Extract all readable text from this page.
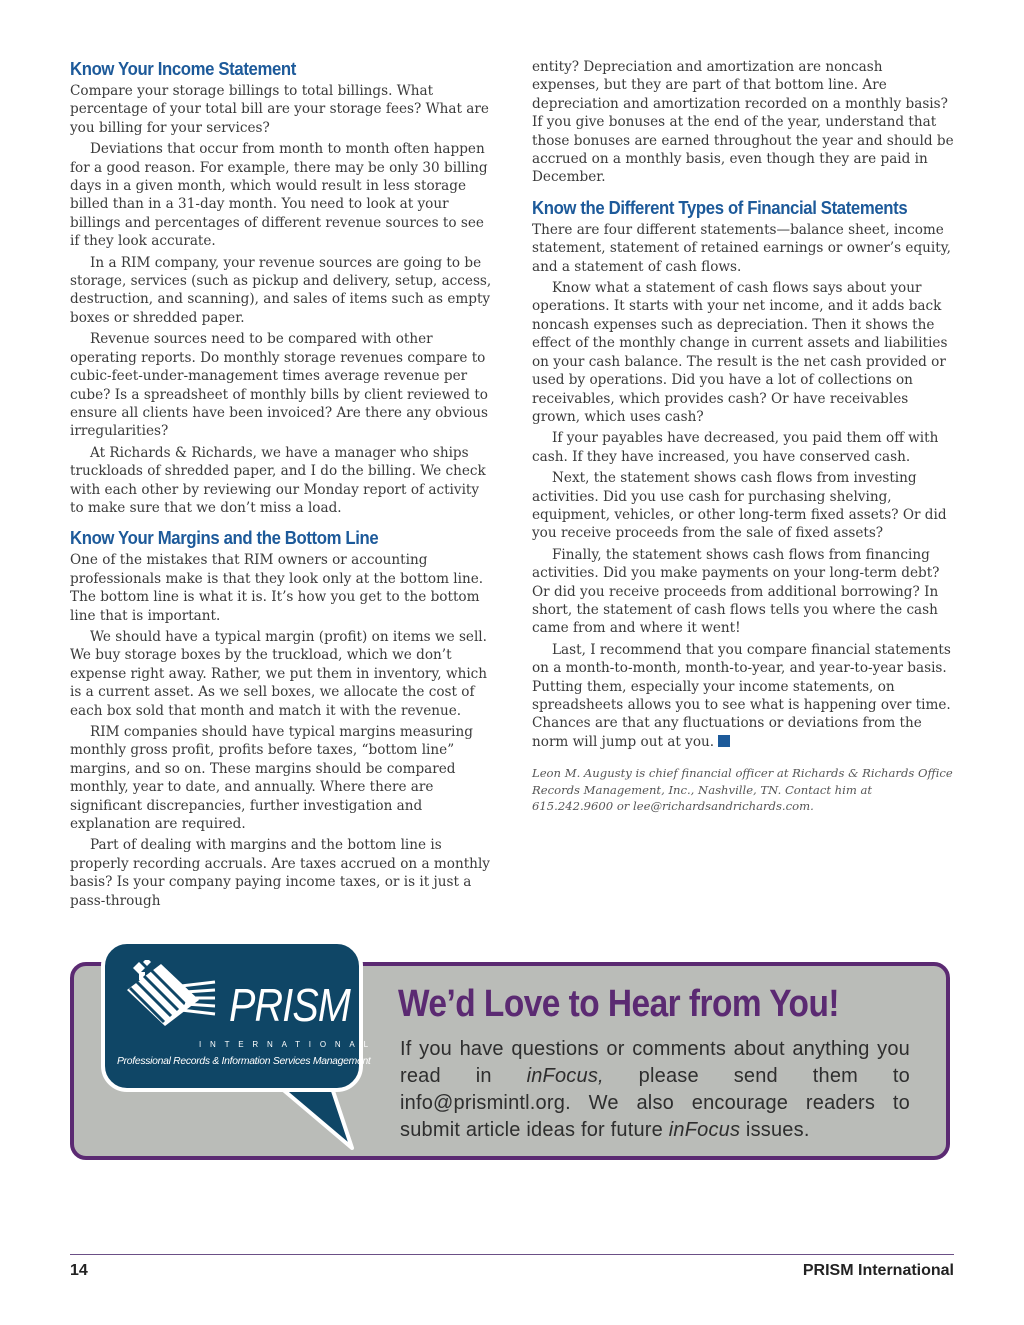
Know Your Income Statement

Compare your storage billings to total billings. What percentage of your total bill are your storage fees? What are you billing for your services?

Deviations that occur from month to month often happen for a good reason. For example, there may be only 30 billing days in a given month, which would result in less storage billed than in a 31-day month. You need to look at your billings and percentages of different revenue sources to see if they look accurate.

In a RIM company, your revenue sources are going to be storage, services (such as pickup and delivery, setup, access, destruction, and scanning), and sales of items such as empty boxes or shredded paper.

Revenue sources need to be compared with other operating reports. Do monthly storage revenues compare to cubic-feet-under-management times average revenue per cube? Is a spreadsheet of monthly bills by client reviewed to ensure all clients have been invoiced? Are there any obvious irregularities?

At Richards & Richards, we have a manager who ships truckloads of shredded paper, and I do the billing. We check with each other by reviewing our Monday report of activity to make sure that we don’t miss a load.

Know Your Margins and the Bottom Line

One of the mistakes that RIM owners or accounting professionals make is that they look only at the bottom line. The bottom line is what it is. It’s how you get to the bottom line that is important.

We should have a typical margin (profit) on items we sell. We buy storage boxes by the truckload, which we don’t expense right away. Rather, we put them in inventory, which is a current asset. As we sell boxes, we allocate the cost of each box sold that month and match it with the revenue.

RIM companies should have typical margins measuring monthly gross profit, profits before taxes, “bottom line” margins, and so on. These margins should be compared monthly, year to date, and annually. Where there are significant discrepancies, further investigation and explanation are required.

Part of dealing with margins and the bottom line is properly recording accruals. Are taxes accrued on a monthly basis? Is your company paying income taxes, or is it just a pass-through

entity? Depreciation and amortization are noncash expenses, but they are part of that bottom line. Are depreciation and amortization recorded on a monthly basis? If you give bonuses at the end of the year, understand that those bonuses are earned throughout the year and should be accrued on a monthly basis, even though they are paid in December.

Know the Different Types of Financial Statements

There are four different statements—balance sheet, income statement, statement of retained earnings or owner’s equity, and a statement of cash flows.

Know what a statement of cash flows says about your operations. It starts with your net income, and it adds back noncash expenses such as depreciation. Then it shows the effect of the monthly change in current assets and liabilities on your cash balance. The result is the net cash provided or used by operations. Did you have a lot of collections on receivables, which provides cash? Or have receivables grown, which uses cash?

If your payables have decreased, you paid them off with cash. If they have increased, you have conserved cash.

Next, the statement shows cash flows from investing activities. Did you use cash for purchasing shelving, equipment, vehicles, or other long-term fixed assets? Or did you receive proceeds from the sale of fixed assets?

Finally, the statement shows cash flows from financing activities. Did you make payments on your long-term debt? Or did you receive proceeds from additional borrowing? In short, the statement of cash flows tells you where the cash came from and where it went!

Last, I recommend that you compare financial statements on a month-to-month, month-to-year, and year-to-year basis. Putting them, especially your income statements, on spreadsheets allows you to see what is happening over time. Chances are that any fluctuations or deviations from the norm will jump out at you.

Leon M. Augusty is chief financial officer at Richards & Richards Office Records Management, Inc., Nashville, TN. Contact him at 615.242.9600 or lee@richardsandrichards.com.
PRISM
INTERNATIONAL
Professional Records & Information Services Management
We’d Love to Hear from You!
If you have questions or comments about anything you read in inFocus, please send them to info@prismintl.org. We also encourage readers to submit article ideas for future inFocus issues.
14	PRISM International
